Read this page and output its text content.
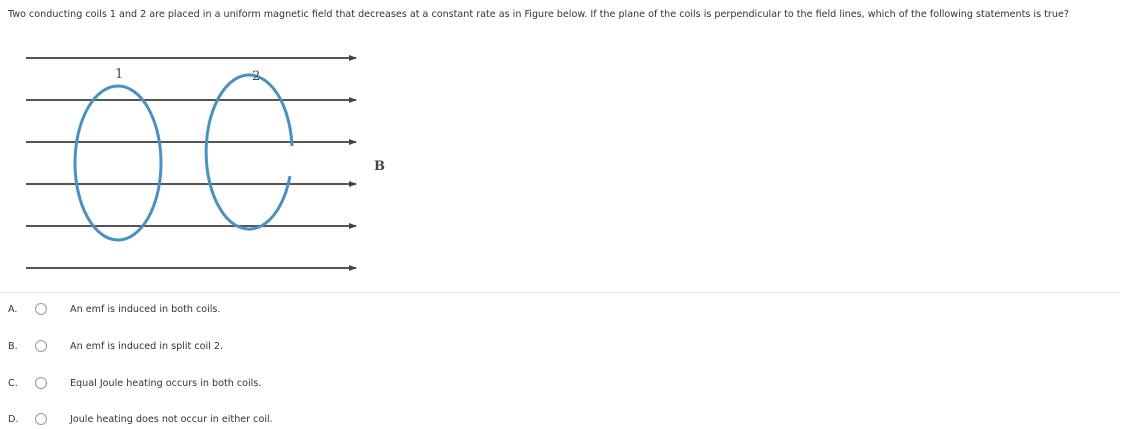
Two conducting coils 1 and 2 are placed in a uniform magnetic field that decreases at a constant rate as in Figure below. If the plane of the coils is perpendicular to the field lines, which of the following statements is true?
1	2
B
A.	An emf is induced in both coils.
B.	An emf is induced in split coil 2.
C.	Equal Joule heating occurs in both coils.
D.	Joule heating does not occur in either coil.
